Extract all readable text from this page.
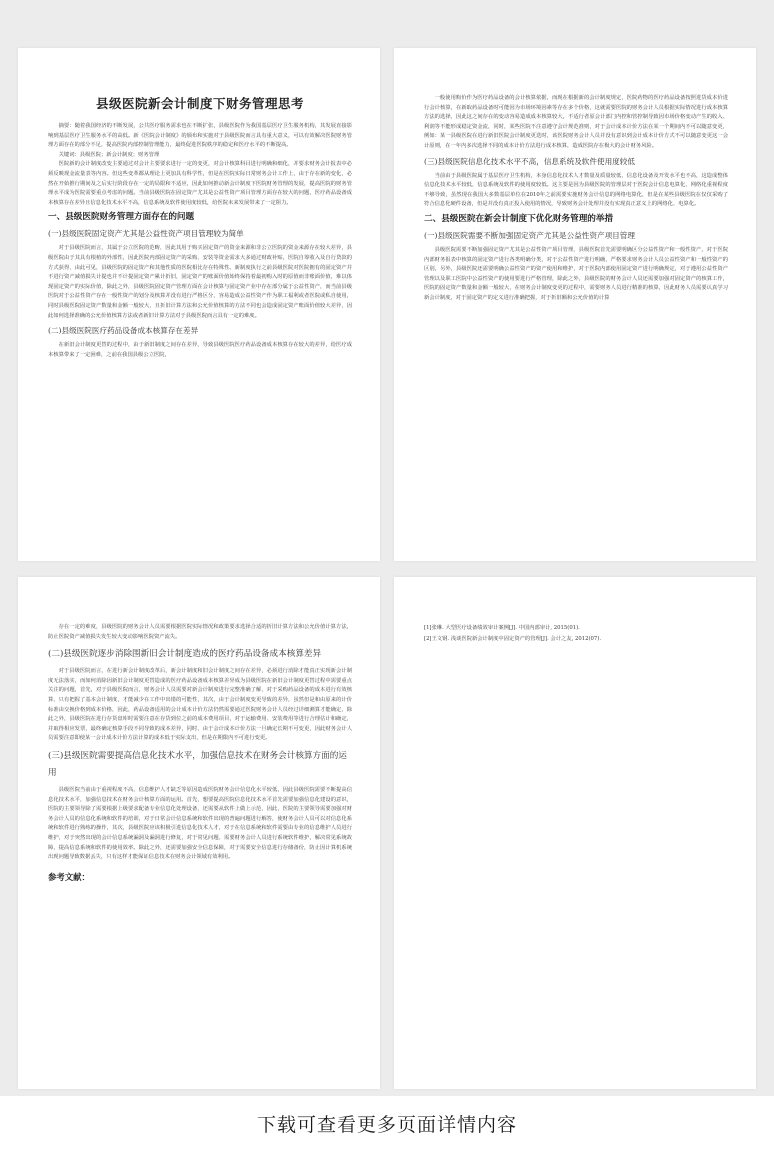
县级医院新会计制度下财务管理思考

摘要：随着我国经济的不断发展，公共医疗服务需求也在不断扩张，县级医院作为我国基层医疗卫生服务机构，其发展直接影响到基层医疗卫生服务水平的高低。新《医院会计制度》的颁布和实施对于县级医院而言具有重大意义，可以有效解决医院财务管理方面存在的部分不足，提高医院内部控制管理能力，最终促进医院秩序的稳定和医疗水平的不断提高。

关键词：县级医院；新会计制度；财务管理

医院新的会计制度改变主要通过对会计主要要求进行一定的变更，对会计核算科目进行明确和细化，并要求财务会计报表中必须反映现金流量表等内容。但这些变革都从理论上更加具有科学性，但是在医院实际日常财务会计工作上，由于存在新的变化，必然在开始推行期间及之后实行阶段存在一定的局限和不适应，因此如何推动新会计制度下医院财务管理的发展，提高医院的财务管理水平成为医院需要重点考虑的问题。当前县级医院在固定资产尤其是公益性资产项目管理方面存在较大的问题，医疗药品设备成本核算存在差异且信息化技术水平不高，信息系统及软件使用度较低，给医院未来发展带来了一定阻力。

一、县级医院财务管理方面存在的问题
(一)县级医院固定资产尤其是公益性资产项目管理较为简单

对于县级医院而言，其属于公立医院的范畴，因此其用于购买固定资产的资金来源和非公立医院的资金来源存在较大差异，县级医院由于其具有根植的外部性，因此医院内部固定资产的采购、安装等资金需求大多通过财政补贴，医院自筹收入及自行贷款的方式获得，由此可见，县级医院的固定资产和其他性质的医院相比存在特殊性。新制度执行之前县级医院对医院拥有的固定资产并不进行资产减值损失计提也并不计提固定资产累计折旧，固定资产的账面价值始终保持着最初购入时的原值而非账面价值，难以体现固定资产的实际价值，除此之外，县级医院固定资产管理方面在会计核算与固定资产业中存在部分属于公益性资产，而当前县级医院对于公益性资产存在一般性资产的划分及核算并没有进行严格区分，容易造成公益性资产作为职工福利或者医院或私自使用，同时县级医院固定资产数量和金额一般较大，且折旧计算方法和公允价值核算的方法不同也会造成固定资产账面价值较大差异，因此如何选择准确的公允价值核算方法或者新旧计算方法对于县级医院而言具有一定的难度。

(二)县级医院医疗药品设备成本核算存在差异

在新旧会计制度更替的过程中，由于新旧制度之间存在差异，导致县级医院医疗药品设备成本核算存在较大的差异，给医疗成本核算带来了一定困难，之前在我国县级公立医院，

一般使用购价作为医疗药品设备的会计核算依据，而现在根据新的会计制度规定，医院药物的医疗药品设备按照进货成本价进行会计核算，在新取药品设备时可能因为市场环境因素等存在多个价格，这就需要医院的财务会计人员根据实际情况进行成本核算方法的选择，因此这之间存在的变动容易造成成本核算较大，不适行者原会计部门内控和管控制导致因市场价格变动产生的收入、利润等不能形成稳定资金流，同时，某些医院不注意遵守会计规范准则，对于会计成本计价方法在某一个期间内不可以随意变更，例如：某一县级医院在进行新旧医院会计制度更迭时，该医院财务会计人员并没有意识到会计成本计价方式不可以随意变更这一会计原则，在一年内多次选择不同的成本计价方法进行成本核算，造成医院存在极大的会计财务风险。

(三)县级医院信息化技术水平不高，信息系统及软件使用度较低

当前由于县级医院属于基层医疗卫生机构，本身信息化技术人才数量及质量较低，信息化设备及开发水平也不高，这造成整体信息化技术水平较低，信息系统及软件的使用度较低。这主要是因为县级医院的管理层对于医院会计信息电算化、网络化重视程度不够导致，虽然现在我国大多数基层单位在2010年之前需要实施财务会计信息的网络电算化，但是在某些县级医院在仅仅采购了符合信息化硬件设备，但是并没有真正投入使用的情况，导致财务会计处理并没有实现真正意义上的网络化、电算化。

二、县级医院在新会计制度下优化财务管理的举措
(一)县级医院需要不断加强固定资产尤其是公益性资产项目管理

县级医院需要不断加强固定资产尤其是公益性资产项目管理，县级医院首先需要明确区分公益性资产和一般性资产，对于医院内部财务报表中核算的固定资产进行各类明确分类，对于公益性资产进行明确，严格要求财务会计人员公益性资产和一般性资产的区别，另外，县级医院还需要明确公益性资产的资产使用和维护，对于医院内部使用固定资产进行明确规定，对于遵用公益性资产管理以及职工医院中公益性资产的使用要进行严格管理，除此之外，县级医院的财务会计人员还需要加强对固定资产的核算工作，医院的固定资产数量和金额一般较大，在财务会计制度变更的过程中，需要财务人员进行精准的核算，因此财务人员需要认真学习新会计制度，对于固定资产的定义进行准确把握，对于折旧额和公允价值的计算

存在一定的难度，县级医院的财务会计人员需要根据医院实际情况和政策要求选择合适的折旧计算方法和公允价值计算方法，防止医院资产减值损失发生较大变动影响医院资产流失。

(二)县级医院逐步消除围新旧会计制度造成的医疗药品设备成本核算差异

对于县级医院而言，在进行新会计制度改革后，新会计制度和旧会计制度之间存在差异，必须进行消除才能真正实现新会计制度无法落实，而如何消除因新旧会计制度更替造成的医疗药品设备成本核算差异成为县级医院在新旧会计制度更替过程中需要重点关注的问题，首先，对于县级医院而言，财务会计人员需要对新会计制度进行完整准确了解，对于采购药品设备的成本进行有效核算，只有把握了基本会计制度，才能减少在工作中出错的可能性，其次，由于会计制度变更导致的差异，虽然但是和由原来的计价标准由交换价格到成本价格，因此，药品设备适用的会计成本计价方法仍然需要通过医院财务会计人员经过详细测算才能确定，除此之外，县级医院在进行存货盘库时需要注意在存货到位之前的成本费用项目，对于运输费用、安装费用等进行合理估计和确定，并取得相应发票，最终确定核算手段不同导致的成本差异，同时，由于会计成本计价方法一旦确定长期不可变更，因此财务会计人员需要注意即使某一会计成本计价方法计算的成本低于实际支出，但是在期限内不可进行变更。

(三)县级医院需要提高信息化技术水平，加强信息技术在财务会计核算方面的运用

县级医院当前由于重视程度不高，信息维护人才缺乏等原因造成医院财务会计信息化水平较低，因此县级医院需要不断提高信息化技术水平，加强信息技术在财务会计核算方面的运用。首先，想要提高医院信息化技术水平首先需要加强信息化建设的意识，医院的主要领导除了需要根据上级要求配备专业信息化处理设备，还需要从软件上做上示范，因此，医院的主要领导需要加强对财务会计人员的信息化系统和软件的培训，对于日常会计信息系统和软件出现的普遍问题进行解答，使财务会计人员可以对信息化系统和软件进行熟练的操作，其次，县级医院应该积极引进信息化技术人才，对于在信息系统和软件需要由专业的信息维护人员进行维护，对于突然出现的会计信息系统漏洞及漏洞进行修复，对于常见问题、需要财务会计人员进行系统软件维护，解决常见系统故障，提高信息系统和软件的使用效率。除此之外，还需要加强安全信息保障，对于需要安全信息进行存储备份，防止因计算机系统出现问题导致数据丢失，只有这样才能保证信息技术在财务会计领域有效利用。

参考文献：

[1]张琳. 大型医疗设备绩效审计案例[J]. 中国内部审计, 2015(01).

[2]王文钢. 浅谈医院新会计制度中固定资产的管理[J]. 会计之友, 2012(07).

下载可查看更多页面详情内容
